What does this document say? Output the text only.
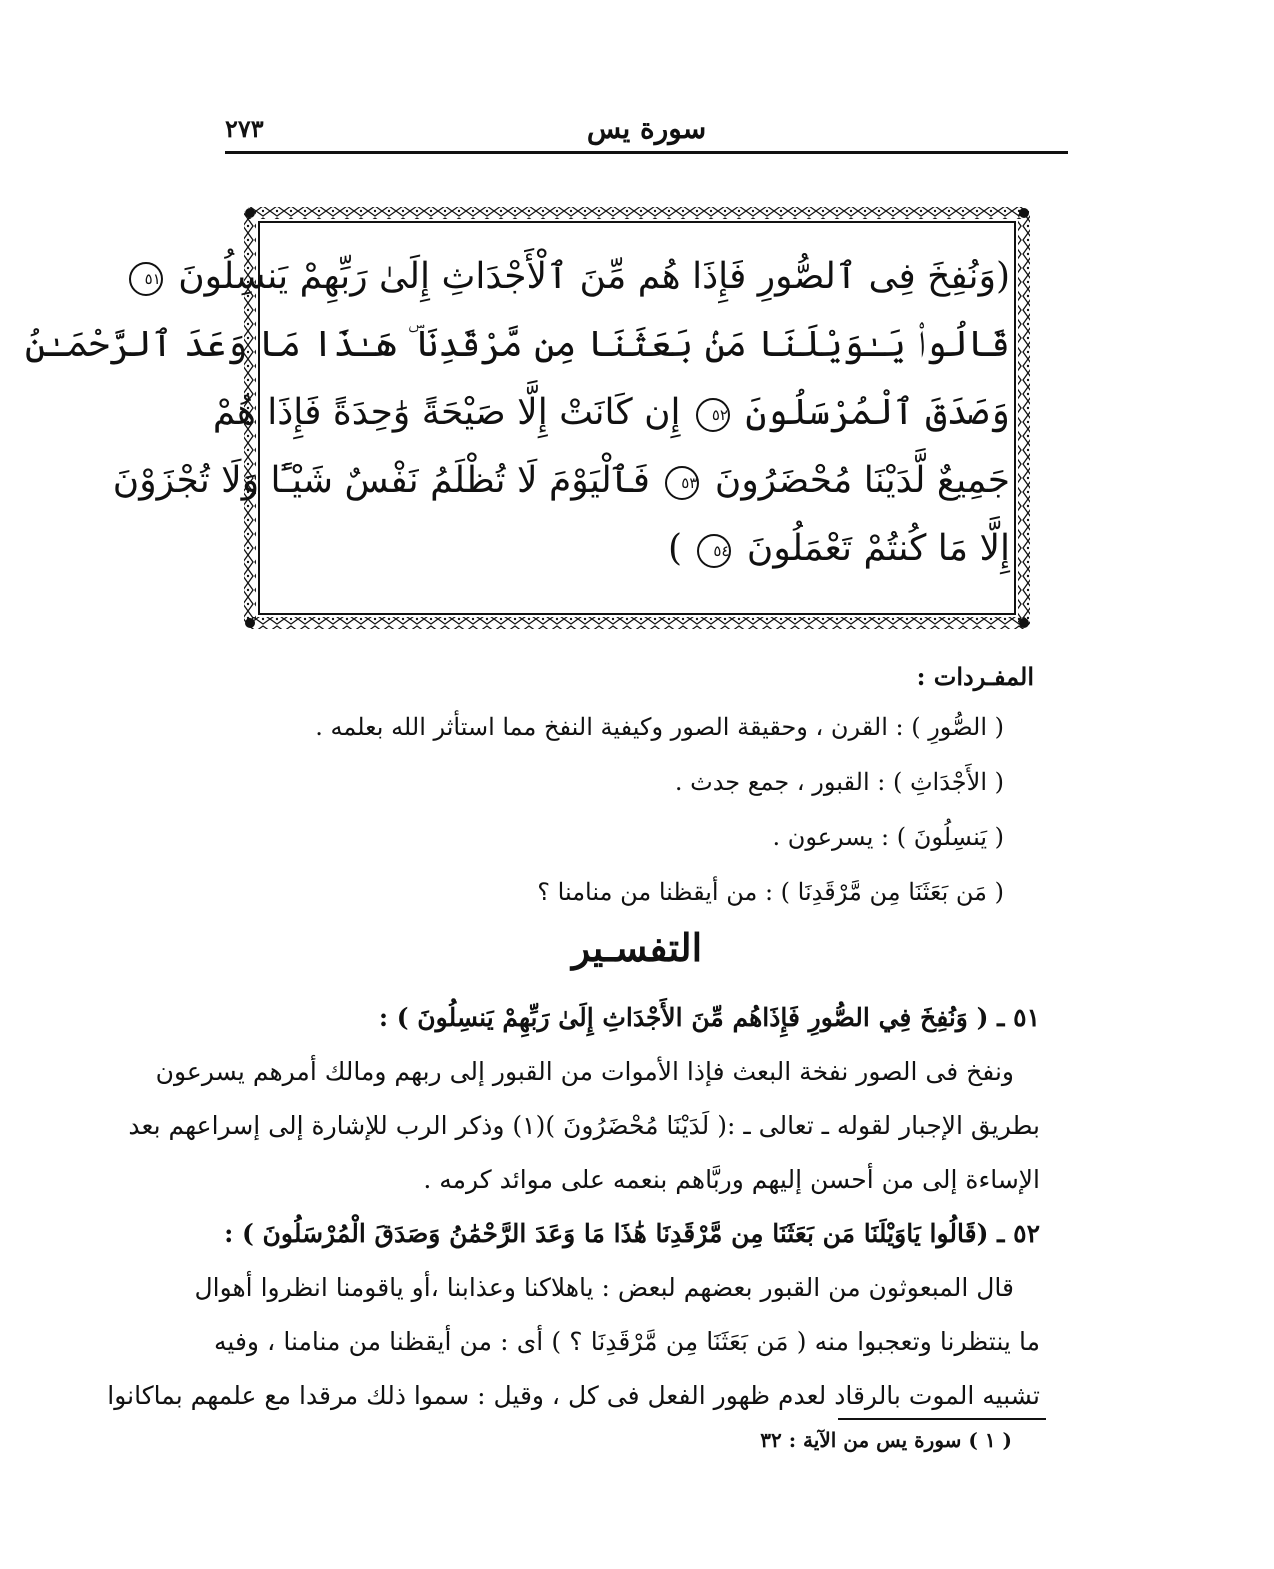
٢٧٣	سورة يس
(وَنُفِخَ فِى ٱلصُّورِ فَإِذَا هُم مِّنَ ٱلْأَجْدَاثِ إِلَىٰ رَبِّهِمْ يَنسِلُونَ ٥١
قَالُوا۟ يَـٰوَيْلَنَا مَنۢ بَعَثَنَا مِن مَّرْقَدِنَا ۜ هَـٰذَا مَا وَعَدَ ٱلرَّحْمَـٰنُ
وَصَدَقَ ٱلْمُرْسَلُونَ ٥٢ إِن كَانَتْ إِلَّا صَيْحَةً وَٰحِدَةً فَإِذَا هُمْ
جَمِيعٌ لَّدَيْنَا مُحْضَرُونَ ٥٣ فَٱلْيَوْمَ لَا تُظْلَمُ نَفْسٌ شَيْـًٔا وَلَا تُجْزَوْنَ
إِلَّا مَا كُنتُمْ تَعْمَلُونَ ٥٤ )
المفـردات :
( الصُّورِ ) : القرن ، وحقيقة الصور وكيفية النفخ مما استأثر الله بعلمه .
( الأَجْدَاثِ ) : القبور ، جمع جدث .
( يَنسِلُونَ ) : يسرعون .
( مَن بَعَثَنَا مِن مَّرْقَدِنَا ) : من أيقظنا من منامنا ؟
التفسـير
٥١ ـ ( وَنُفِخَ فِي الصُّورِ فَإِذَاهُم مِّنَ الأَجْدَاثِ إِلَىٰ رَبِّهِمْ يَنسِلُونَ ) :
ونفخ فى الصور نفخة البعث فإذا الأموات من القبور إلى ربهم ومالك أمرهم يسرعون
بطريق الإجبار لقوله ـ تعالى ـ :( لَدَيْنَا مُحْضَرُونَ )(١) وذكر الرب للإشارة إلى إسراعهم بعد
الإساءة إلى من أحسن إليهم وربَّاهم بنعمه على موائد كرمه .
٥٢ ـ (قَالُوا يَاوَيْلَنَا مَن بَعَثَنَا مِن مَّرْقَدِنَا هَٰذَا مَا وَعَدَ الرَّحْمَٰنُ وَصَدَقَ الْمُرْسَلُونَ ) :
قال المبعوثون من القبور بعضهم لبعض : ياهلاكنا وعذابنا ،أو ياقومنا انظروا أهوال
ما ينتظرنا وتعجبوا منه ( مَن بَعَثَنَا مِن مَّرْقَدِنَا ؟ ) أى : من أيقظنا من منامنا ، وفيه
تشبيه الموت بالرقاد لعدم ظهور الفعل فى كل ، وقيل : سموا ذلك مرقدا مع علمهم بماكانوا
( ١ ) سورة يس من الآية : ٣٢
